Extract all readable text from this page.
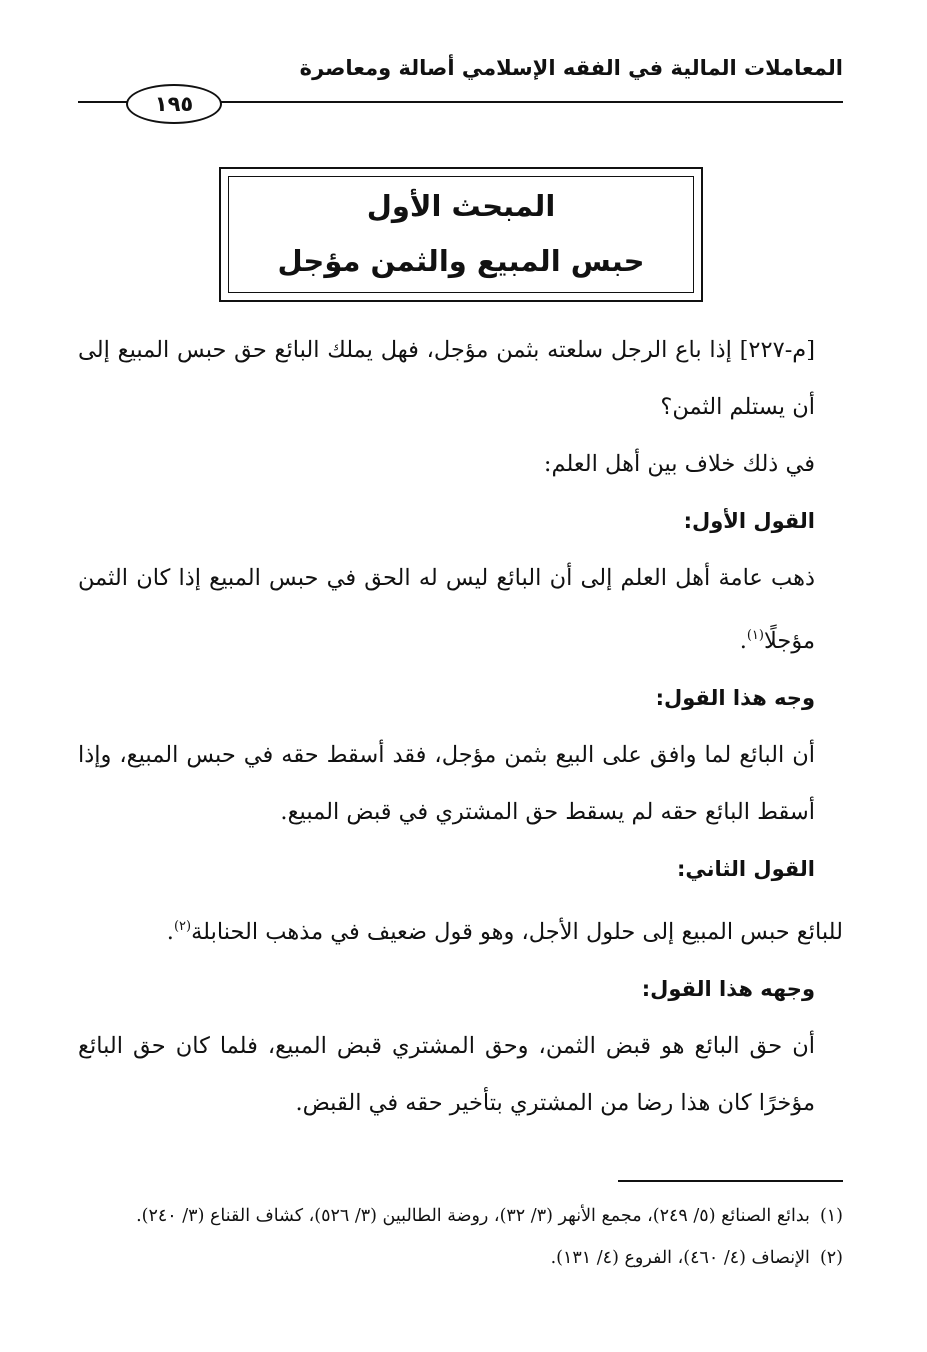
المعاملات المالية في الفقه الإسلامي أصالة ومعاصرة
١٩٥
المبحث الأول
حبس المبيع والثمن مؤجل

[م-٢٢٧] إذا باع الرجل سلعته بثمن مؤجل، فهل يملك البائع حق حبس المبيع إلى أن يستلم الثمن؟

في ذلك خلاف بين أهل العلم:

القول الأول:

ذهب عامة أهل العلم إلى أن البائع ليس له الحق في حبس المبيع إذا كان الثمن مؤجلًا$^{(١)}$.

وجه هذا القول:

أن البائع لما وافق على البيع بثمن مؤجل، فقد أسقط حقه في حبس المبيع، وإذا أسقط البائع حقه لم يسقط حق المشتري في قبض المبيع.

القول الثاني:

للبائع حبس المبيع إلى حلول الأجل، وهو قول ضعيف في مذهب الحنابلة$^{(٢)}$.

وجهه هذا القول:

أن حق البائع هو قبض الثمن، وحق المشتري قبض المبيع، فلما كان حق البائع مؤخرًا كان هذا رضا من المشتري بتأخير حقه في القبض.

(١)بدائع الصنائع (٥/ ٢٤٩)، مجمع الأنهر (٣/ ٣٢)، روضة الطالبين (٣/ ٥٢٦)، كشاف القناع (٣/ ٢٤٠).

(٢)الإنصاف (٤/ ٤٦٠)، الفروع (٤/ ١٣١).
